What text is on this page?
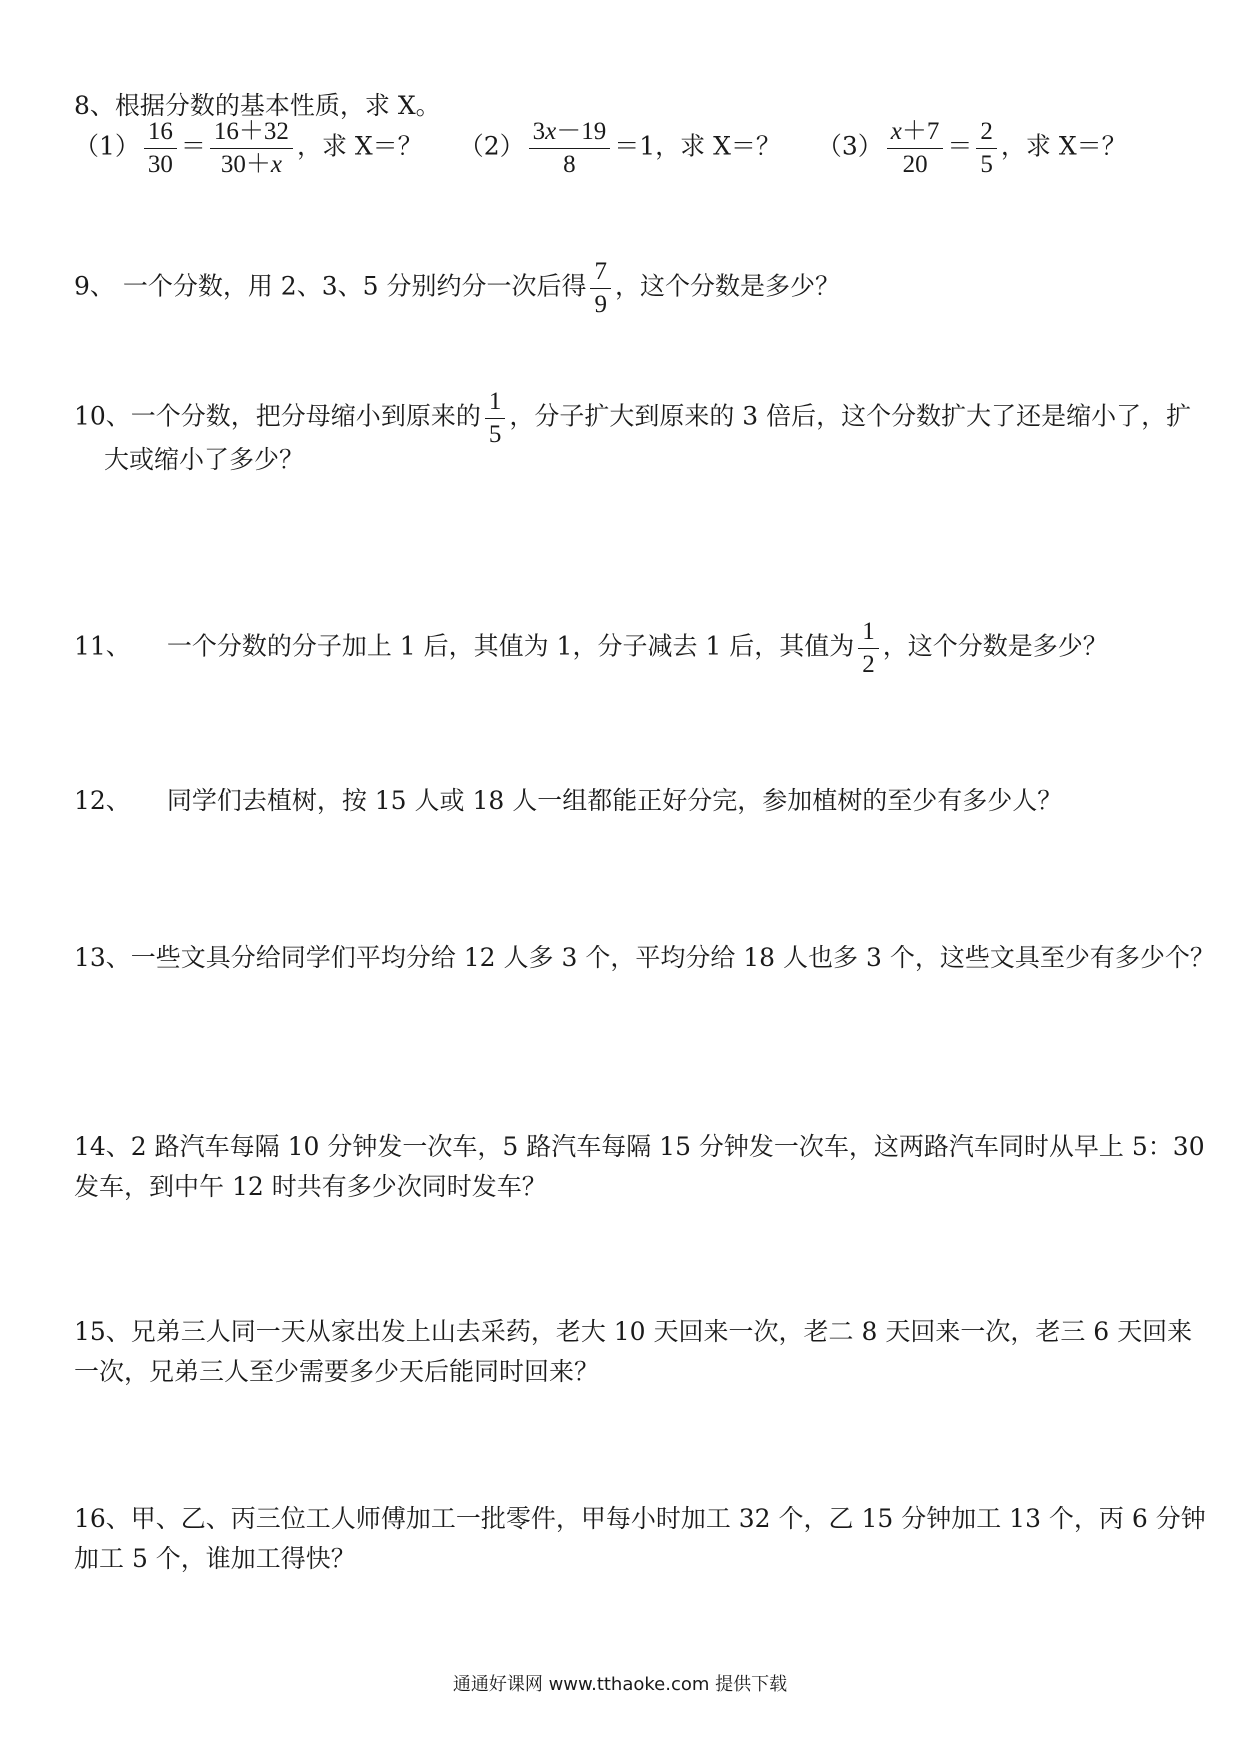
8、根据分数的基本性质，求 X。
$(1) \frac{16}{30} = \frac{16+32}{30+x}$ ，求 X＝？ $(2) \frac{3x-19}{8} =1$，求 X＝？ $(3) \frac{x+7}{20} = \frac{2}{5}$ ，求 X＝？
9、 一个分数，用 2、3、5 分别约分一次后得 $\frac{7}{9}$ ，这个分数是多少？
10、一个分数，把分母缩小到原来的 $\frac{1}{5}$ ，分子扩大到原来的 3 倍后，这个分数扩大了还是缩小了，扩
大或缩小了多少？
11、 一个分数的分子加上 1 后，其值为 1，分子减去 1 后，其值为 $\frac{1}{2}$ ，这个分数是多少？
12、 同学们去植树，按 15 人或 18 人一组都能正好分完，参加植树的至少有多少人？
13、一些文具分给同学们平均分给 12 人多 3 个，平均分给 18 人也多 3 个，这些文具至少有多少个？
14、2 路汽车每隔 10 分钟发一次车，5 路汽车每隔 15 分钟发一次车，这两路汽车同时从早上 5：30
发车，到中午 12 时共有多少次同时发车？
15、兄弟三人同一天从家出发上山去采药，老大 10 天回来一次，老二 8 天回来一次，老三 6 天回来
一次，兄弟三人至少需要多少天后能同时回来？
16、甲、乙、丙三位工人师傅加工一批零件，甲每小时加工 32 个，乙 15 分钟加工 13 个，丙 6 分钟
加工 5 个，谁加工得快？
通通好课网 www.tthaoke.com 提供下载
